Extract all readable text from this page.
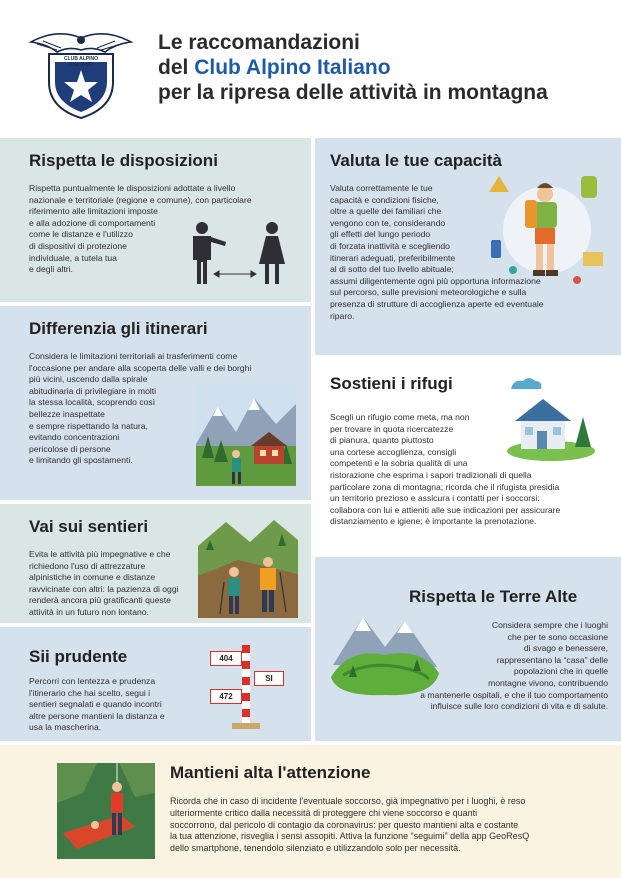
CLUB ALPINO ITALIANO
Le raccomandazioni
del Club Alpino Italiano
per la ripresa delle attività in montagna
Rispetta le disposizioni
Rispetta puntualmente le disposizioni adottate a livello
nazionale e territoriale (regione e comune), con particolare
riferimento alle limitazioni imposte
e alla adozione di comportamenti
come le distanze e l'utilizzo
di dispositivi di protezione
individuale, a tutela tua
e degli altri.
Valuta le tue capacità
Valuta correttamente le tue
capacità e condizioni fisiche,
oltre a quelle dei familiari che
vengono con te, considerando
gli effetti del lungo periodo
di forzata inattività e scegliendo
itinerari adeguati, preferibilmente
al di sotto del tuo livello abituale;
assumi diligentemente ogni più opportuna informazione
sul percorso, sulle previsioni meteorologiche e sulla
presenza di strutture di accoglienza aperte ed eventuale
riparo.
Differenzia gli itinerari
Considera le limitazioni territoriali ai trasferimenti come
l'occasione per andare alla scoperta delle valli e dei borghi
più vicini, uscendo dalla spirale
abitudinaria di privilegiare in molti
la stessa località, scoprendo così
bellezze inaspettate
e sempre rispettando la natura,
evitando concentrazioni
pericolose di persone
e limitando gli spostamenti.
Sostieni i rifugi
Scegli un rifugio come meta, ma non
per trovare in quota ricercatezze
di pianura, quanto piuttosto
una cortese accoglienza, consigli
competenti e la sobria qualità di una
ristorazione che esprima i sapori tradizionali di quella
particolare zona di montagna; ricorda che il rifugista presidia
un territorio prezioso e assicura i contatti per i soccorsi:
collabora con lui e attieniti alle sue indicazioni per assicurare
distanziamento e igiene; è importante la prenotazione.
Vai sui sentieri
Evita le attività più impegnative e che
richiedono l'uso di attrezzature
alpinistiche in comune e distanze
ravvicinate con altri: la pazienza di oggi
renderà ancora più gratificanti queste
attività in un futuro non lontano.
Rispetta le Terre Alte
Considera sempre che i luoghi
che per te sono occasione
di svago e benessere,
rappresentano la “casa” delle
popolazioni che in quelle
montagne vivono, contribuendo
a mantenerle ospitali, e che il tuo comportamento
influisce sulle loro condizioni di vita e di salute.
Sii prudente
Percorri con lentezza e prudenza
l'itinerario che hai scelto, segui i
sentieri segnalati e quando incontri
altre persone mantieni la distanza e
usa la mascherina.
404
SI
472
Mantieni alta l'attenzione
Ricorda che in caso di incidente l'eventuale soccorso, già impegnativo per i luoghi, è reso
ulteriormente critico dalla necessità di proteggere chi viene soccorso e quanti
soccorrono, dal pericolo di contagio da coronavirus: per questo mantieni alta e costante
la tua attenzione, risveglia i sensi assopiti. Attiva la funzione “seguimi” della app GeoResQ
dello smartphone, tenendolo silenziato e utilizzandolo solo per necessità.
